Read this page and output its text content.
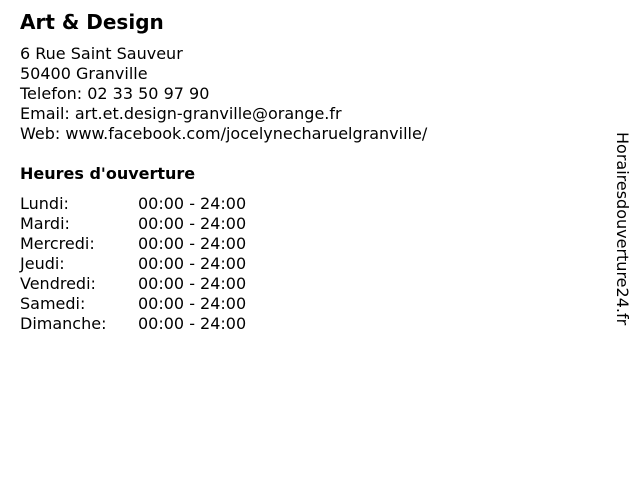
Art & Design
6 Rue Saint Sauveur
50400 Granville
Telefon: 02 33 50 97 90
Email: art.et.design-granville@orange.fr
Web: www.facebook.com/jocelynecharuelgranville/
Heures d'ouverture
Lundi:	00:00 - 24:00
Mardi:	00:00 - 24:00
Mercredi:	00:00 - 24:00
Jeudi:	00:00 - 24:00
Vendredi:	00:00 - 24:00
Samedi:	00:00 - 24:00
Dimanche:	00:00 - 24:00	Horairesdouverture24.fr
